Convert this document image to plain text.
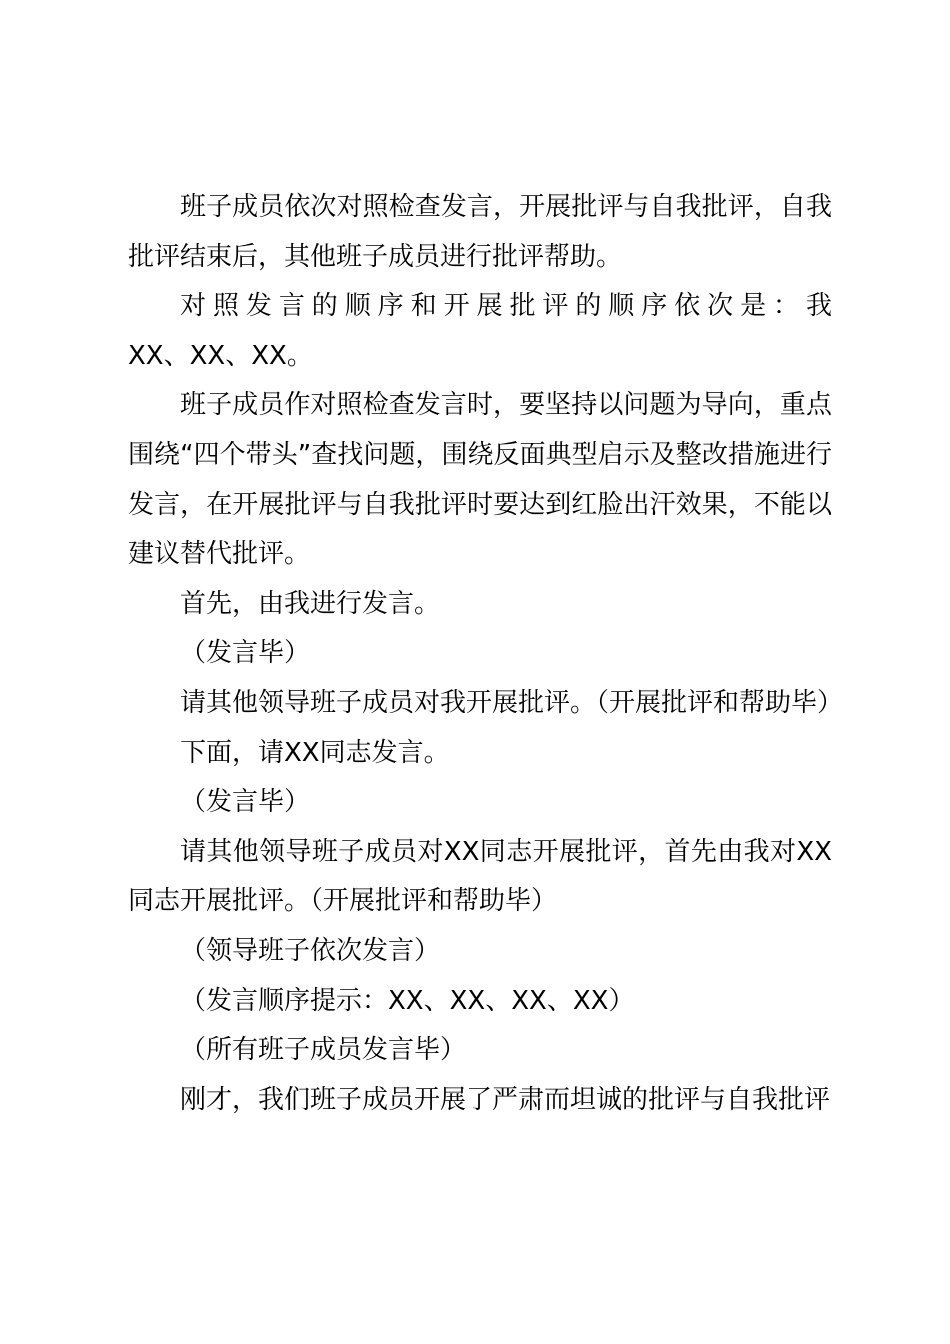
班子成员依次对照检查发言，开展批评与自我批评，自我批评结束后，其他班子成员进行批评帮助。

对照发言的顺序和开展批评的顺序依次是：我

XX、XX、XX。

班子成员作对照检查发言时，要坚持以问题为导向，重点围绕“四个带头”查找问题，围绕反面典型启示及整改措施进行发言，在开展批评与自我批评时要达到红脸出汗效果，不能以建议替代批评。

首先，由我进行发言。

（发言毕）

请其他领导班子成员对我开展批评。（开展批评和帮助毕）

下面，请XX同志发言。

（发言毕）

请其他领导班子成员对XX同志开展批评，首先由我对XX同志开展批评。（开展批评和帮助毕）

（领导班子依次发言）

（发言顺序提示：XX、XX、XX、XX）

（所有班子成员发言毕）

刚才，我们班子成员开展了严肃而坦诚的批评与自我批评
